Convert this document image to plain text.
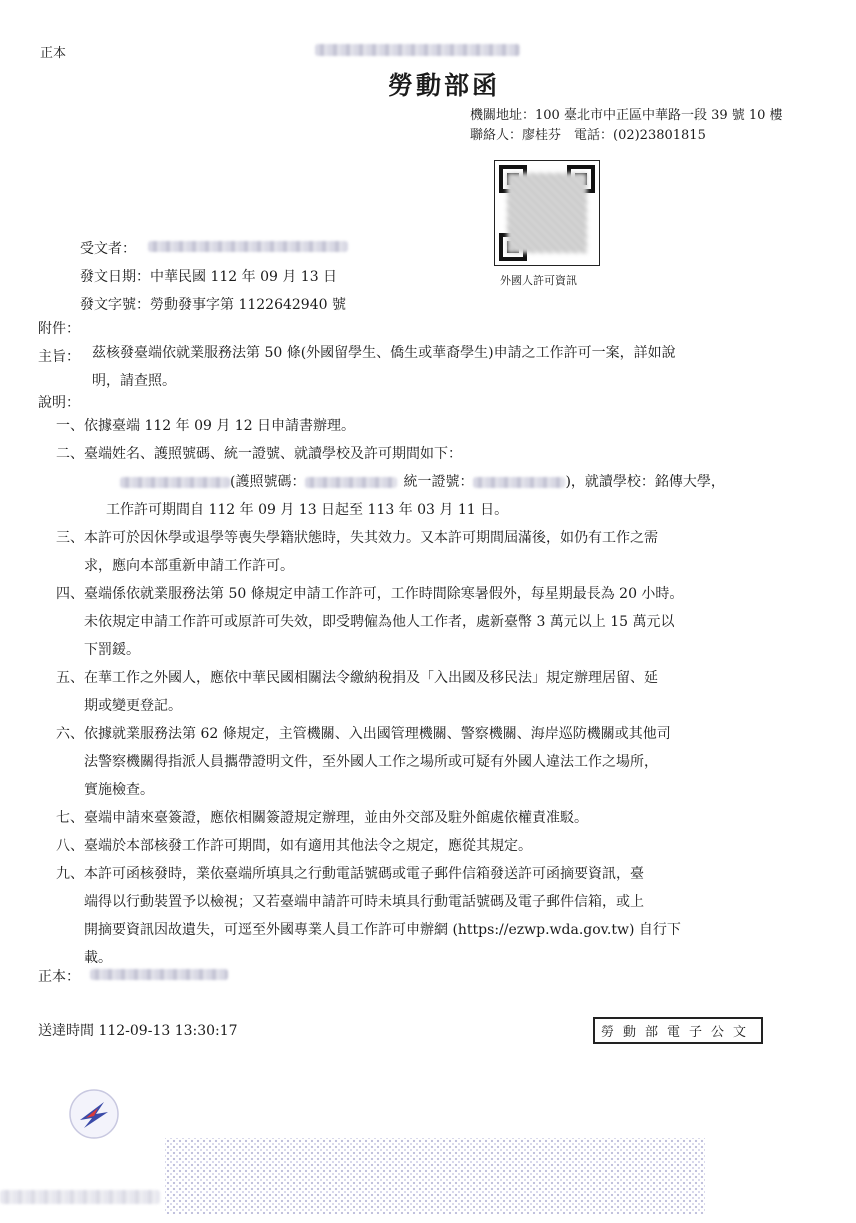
正本
勞動部函
機關地址：100 臺北市中正區中華路一段 39 號 10 樓
聯絡人：廖桂芬　電話：(02)23801815
外國人許可資訊
受文者：
發文日期：中華民國 112 年 09 月 13 日
發文字號：勞動發事字第 1122642940 號
附件：
主旨： 茲核發臺端依就業服務法第 50 條(外國留學生、僑生或華裔學生)申請之工作許可一案，詳如說
明，請查照。
說明：
一、 依據臺端 112 年 09 月 12 日申請書辦理。
二、 臺端姓名、護照號碼、統一證號、就讀學校及許可期間如下：
(護照號碼：	統一證號：	)，就讀學校：銘傳大學，
工作許可期間自 112 年 09 月 13 日起至 113 年 03 月 11 日。
三、 本許可於因休學或退學等喪失學籍狀態時，失其效力。又本許可期間屆滿後，如仍有工作之需
求，應向本部重新申請工作許可。
四、 臺端係依就業服務法第 50 條規定申請工作許可，工作時間除寒暑假外，每星期最長為 20 小時。
未依規定申請工作許可或原許可失效，即受聘僱為他人工作者，處新臺幣 3 萬元以上 15 萬元以
下罰鍰。
五、 在華工作之外國人，應依中華民國相關法令繳納稅捐及「入出國及移民法」規定辦理居留、延
期或變更登記。
六、 依據就業服務法第 62 條規定，主管機關、入出國管理機關、警察機關、海岸巡防機關或其他司
法警察機關得指派人員攜帶證明文件，至外國人工作之場所或可疑有外國人違法工作之場所，
實施檢查。
七、 臺端申請來臺簽證，應依相關簽證規定辦理，並由外交部及駐外館處依權責准駁。
八、 臺端於本部核發工作許可期間，如有適用其他法令之規定，應從其規定。
九、 本許可函核發時，業依臺端所填具之行動電話號碼或電子郵件信箱發送許可函摘要資訊，臺
端得以行動裝置予以檢視；又若臺端申請許可時未填具行動電話號碼及電子郵件信箱，或上
開摘要資訊因故遺失，可逕至外國專業人員工作許可申辦網 (https://ezwp.wda.gov.tw) 自行下
載。
正本：
送達時間 112-09-13 13:30:17	勞動部電子公文
